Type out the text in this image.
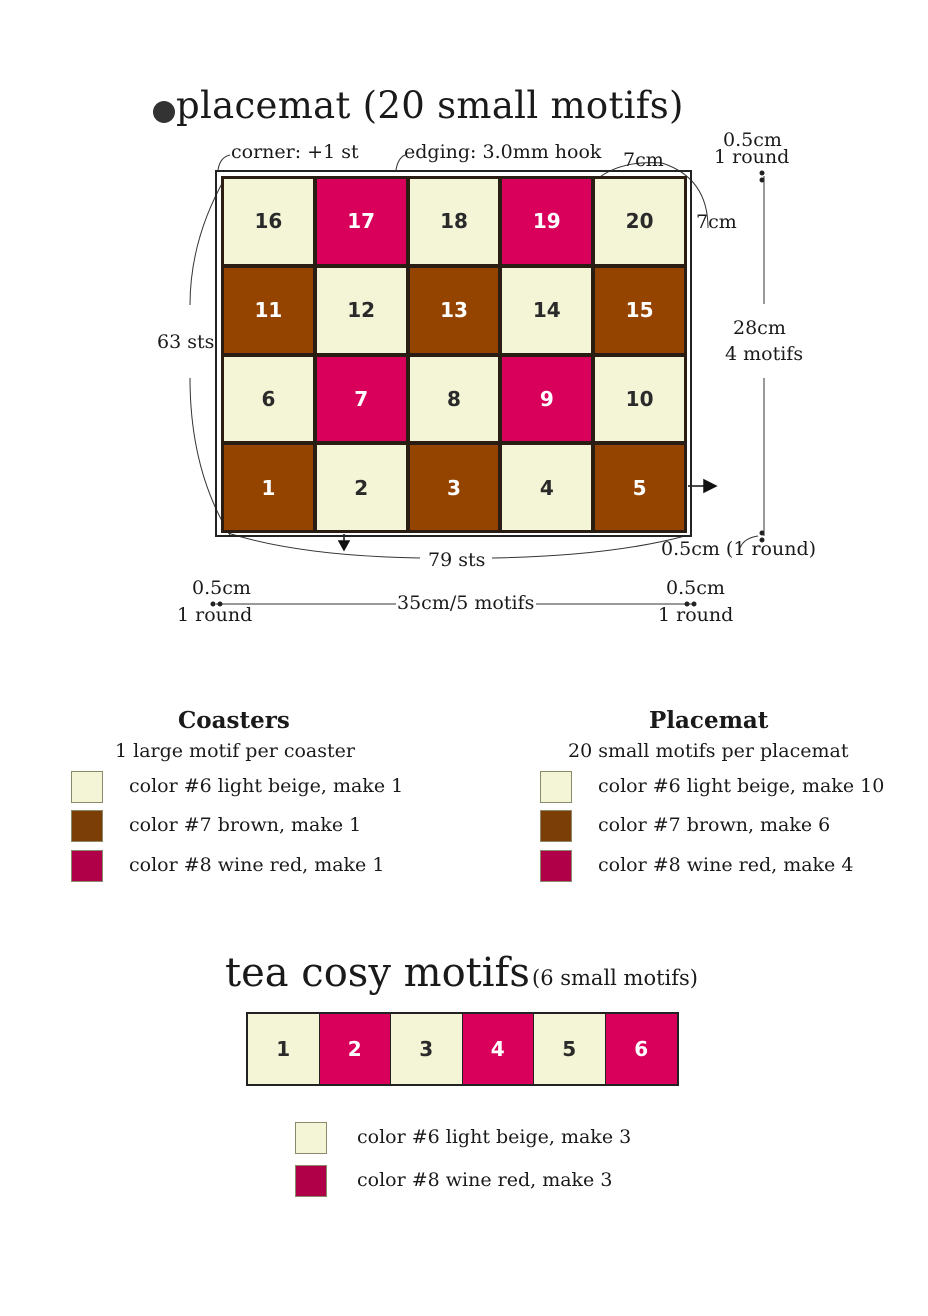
placemat (20 small motifs)
16	17	18	19	20
11	12	13	14	15
6	7	8	9	10
1	2	3	4	5
corner: +1 st edging: 3.0mm hook 7cm
7cm
0.5cm
1 round
28cm
4 motifs
63 sts
79 sts	0.5cm (1 round)
0.5cm
1 round
35cm/5 motifs
0.5cm
1 round
Coasters
1 large motif per coaster
color #6 light beige, make 1
color #7 brown, make 1
color #8 wine red, make 1
Placemat
20 small motifs per placemat
color #6 light beige, make 10
color #7 brown, make 6
color #8 wine red, make 4
tea cosy motifs (6 small motifs)
1	2	3	4	5	6
color #6 light beige, make 3
color #8 wine red, make 3
